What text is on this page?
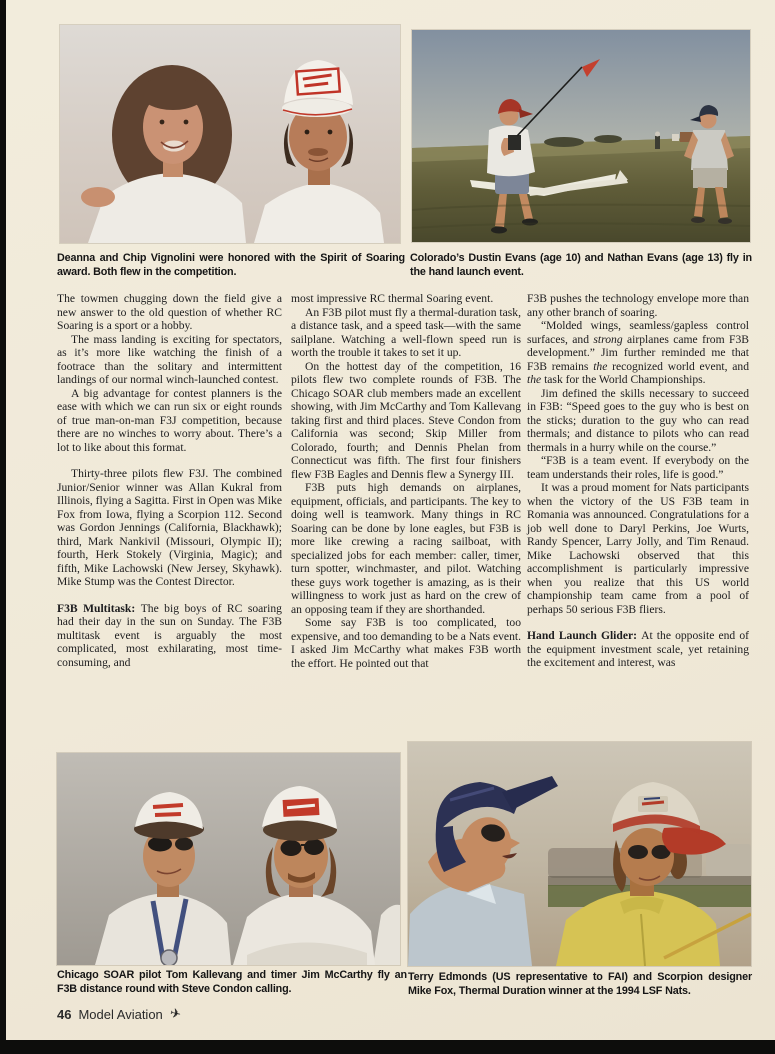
Deanna and Chip Vignolini were honored with the Spirit of Soaring award. Both flew in the competition.
Colorado’s Dustin Evans (age 10) and Nathan Evans (age 13) fly in the hand launch event.

The towmen chugging down the field give a new answer to the old question of whether RC Soaring is a sport or a hobby.

The mass landing is exciting for spectators, as it’s more like watching the finish of a footrace than the solitary and intermittent landings of our normal winch-launched contest.

A big advantage for contest planners is the ease with which we can run six or eight rounds of true man-on-man F3J competition, because there are no winches to worry about. There’s a lot to like about this format.

Thirty-three pilots flew F3J. The combined Junior/Senior winner was Allan Kukral from Illinois, flying a Sagitta. First in Open was Mike Fox from Iowa, flying a Scorpion 112. Second was Gordon Jennings (California, Blackhawk); third, Mark Nankivil (Missouri, Olympic II); fourth, Herk Stokely (Virginia, Magic); and fifth, Mike Lachowski (New Jersey, Skyhawk). Mike Stump was the Contest Director.

F3B Multitask: The big boys of RC soaring had their day in the sun on Sunday. The F3B multitask event is arguably the most complicated, most exhilarating, most time-consuming, and

most impressive RC thermal Soaring event.

An F3B pilot must fly a thermal-duration task, a distance task, and a speed task—with the same sailplane. Watching a well-flown speed run is worth the trouble it takes to set it up.

On the hottest day of the competition, 16 pilots flew two complete rounds of F3B. The Chicago SOAR club members made an excellent showing, with Jim McCarthy and Tom Kallevang taking first and third places. Steve Condon from California was second; Skip Miller from Colorado, fourth; and Dennis Phelan from Connecticut was fifth. The first four finishers flew F3B Eagles and Dennis flew a Synergy III.

F3B puts high demands on airplanes, equipment, officials, and participants. The key to doing well is teamwork. Many things in RC Soaring can be done by lone eagles, but F3B is more like crewing a racing sailboat, with specialized jobs for each member: caller, timer, turn spotter, winchmaster, and pilot. Watching these guys work together is amazing, as is their willingness to work just as hard on the crew of an opposing team if they are shorthanded.

Some say F3B is too complicated, too expensive, and too demanding to be a Nats event. I asked Jim McCarthy what makes F3B worth the effort. He pointed out that

F3B pushes the technology envelope more than any other branch of soaring.

“Molded wings, seamless/gapless control surfaces, and strong airplanes came from F3B development.” Jim further reminded me that F3B remains the recognized world event, and the task for the World Championships.

Jim defined the skills necessary to succeed in F3B: “Speed goes to the guy who is best on the sticks; duration to the guy who can read thermals; and distance to pilots who can read thermals in a hurry while on the course.”

“F3B is a team event. If everybody on the team understands their roles, life is good.”

It was a proud moment for Nats participants when the victory of the US F3B team in Romania was announced. Congratulations for a job well done to Daryl Perkins, Joe Wurts, Randy Spencer, Larry Jolly, and Tim Renaud. Mike Lachowski observed that this accomplishment is particularly impressive when you realize that this US world championship team came from a pool of perhaps 50 serious F3B fliers.

Hand Launch Glider: At the opposite end of the equipment investment scale, yet retaining the excitement and interest, was

Chicago SOAR pilot Tom Kallevang and timer Jim McCarthy fly an F3B distance round with Steve Condon calling.
Terry Edmonds (US representative to FAI) and Scorpion designer Mike Fox, Thermal Duration winner at the 1994 LSF Nats.
46 Model Aviation ✈
